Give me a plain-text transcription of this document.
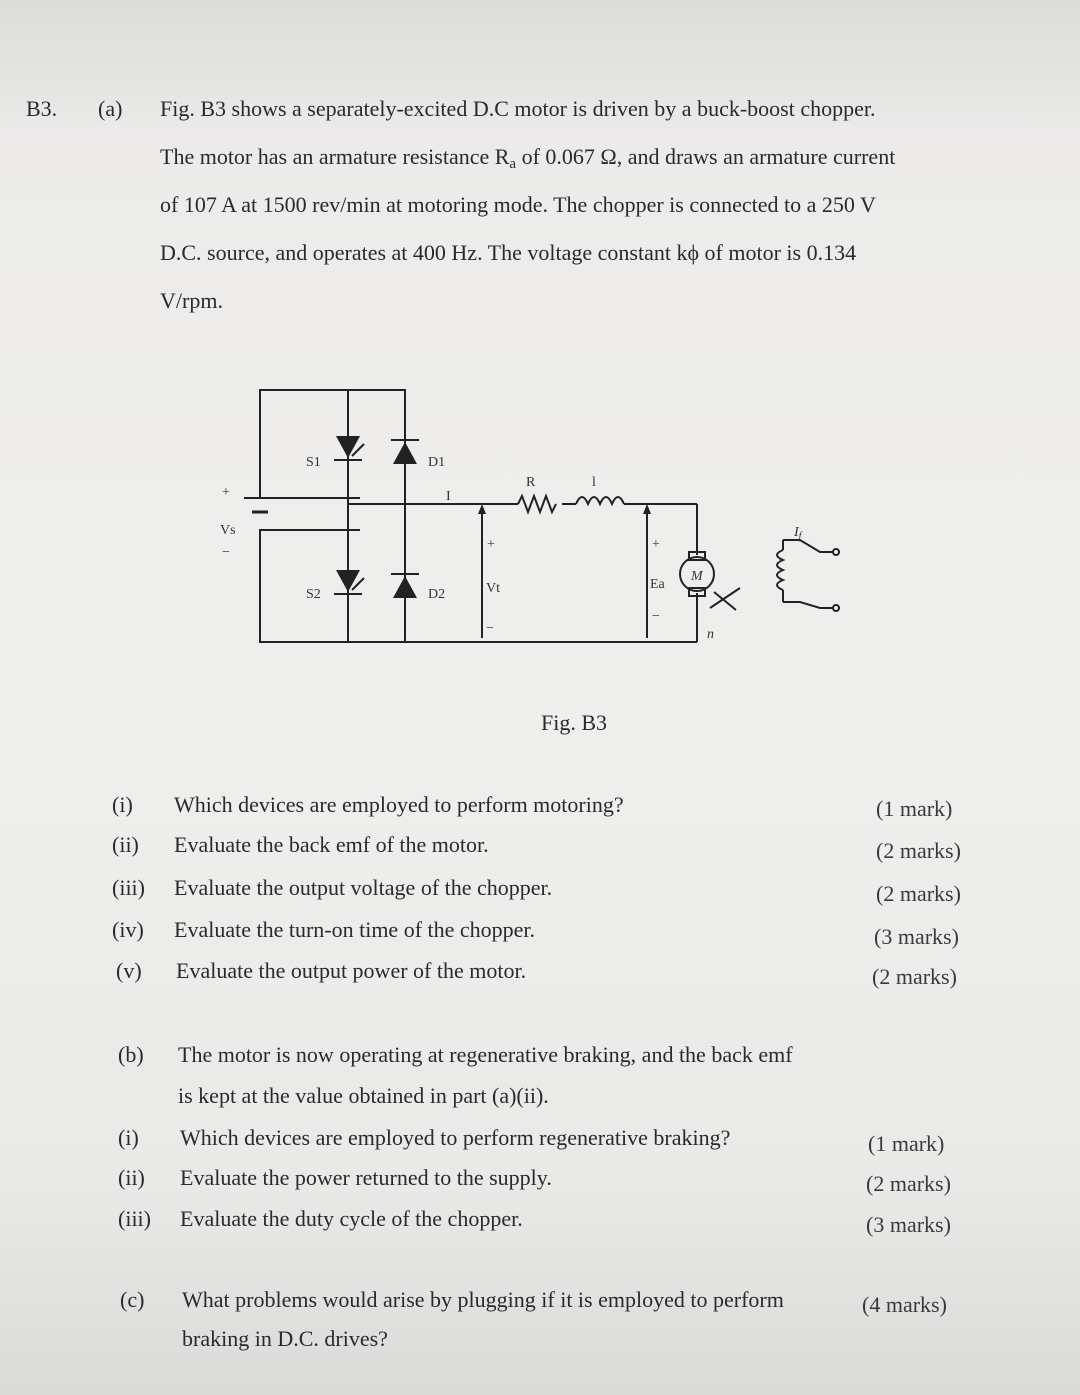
B3. (a) Fig. B3 shows a separately-excited D.C motor is driven by a buck-boost chopper.
The motor has an armature resistance $R_a$ of 0.067 Ω, and draws an armature current
of 107 A at 1500 rev/min at motoring mode. The chopper is connected to a 250 V
D.C. source, and operates at 400 Hz. The voltage constant kϕ of motor is 0.134
V/rpm.
S1
S2
D1
D2
Vs
+
−
R	l
I
+
Vt
−
+
Ea
−
M
n
$I_f$
Fig. B3
(i) Which devices are employed to perform motoring?	(1 mark)
(ii) Evaluate the back emf of the motor.	(2 marks)
(iii) Evaluate the output voltage of the chopper.	(2 marks)
(iv) Evaluate the turn-on time of the chopper.	(3 marks)
(v) Evaluate the output power of the motor.	(2 marks)
(b) The motor is now operating at regenerative braking, and the back emf
is kept at the value obtained in part (a)(ii).
(i) Which devices are employed to perform regenerative braking?	(1 mark)
(ii) Evaluate the power returned to the supply.	(2 marks)
(iii) Evaluate the duty cycle of the chopper.	(3 marks)
(c) What problems would arise by plugging if it is employed to perform	(4 marks)
braking in D.C. drives?
